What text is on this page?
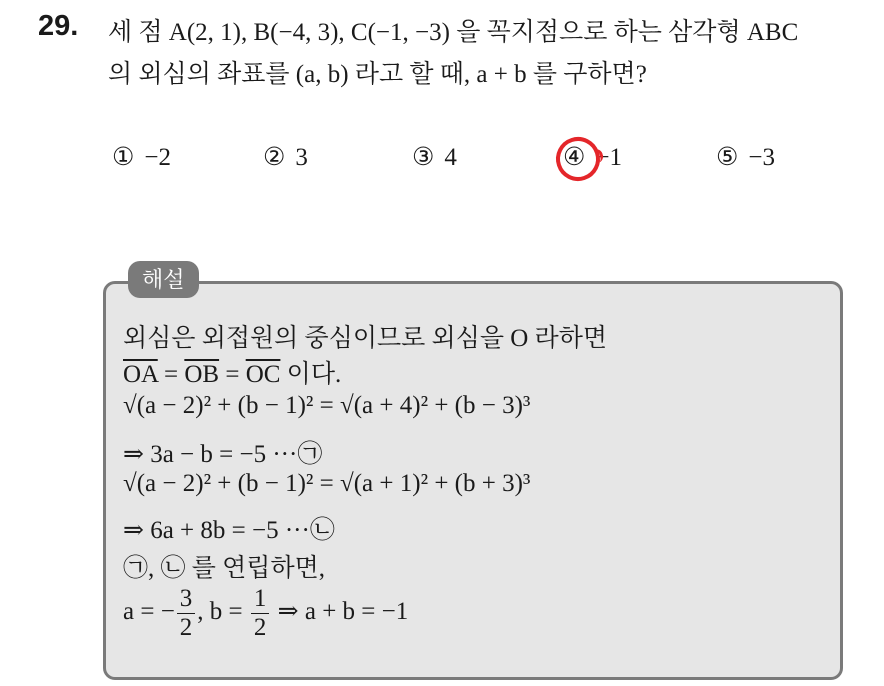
29. 세 점 A(2, 1), B(−4, 3), C(−1, −3) 을 꼭지점으로 하는 삼각형 ABC
의 외심의 좌표를 (a, b) 라고 할 때, a + b 를 구하면?
① −2	② 3	③ 4	④ −1	⑤ −3
해설
외심은 외접원의 중심이므로 외심을 O 라하면
$\overline{OA} = \overline{OB} = \overline{OC}$ 이다.
√(a − 2)² + (b − 1)² = √(a + 4)² + (b − 3)³
⇒ 3a − b = −5 ···㉠
√(a − 2)² + (b − 1)² = √(a + 1)² + (b + 3)³
⇒ 6a + 8b = −5 ···㉡
㉠, ㉡ 를 연립하면,
a = − $\frac{3}{2}$ , $b = \frac{1}{2}$ ⇒ a + b = −1
